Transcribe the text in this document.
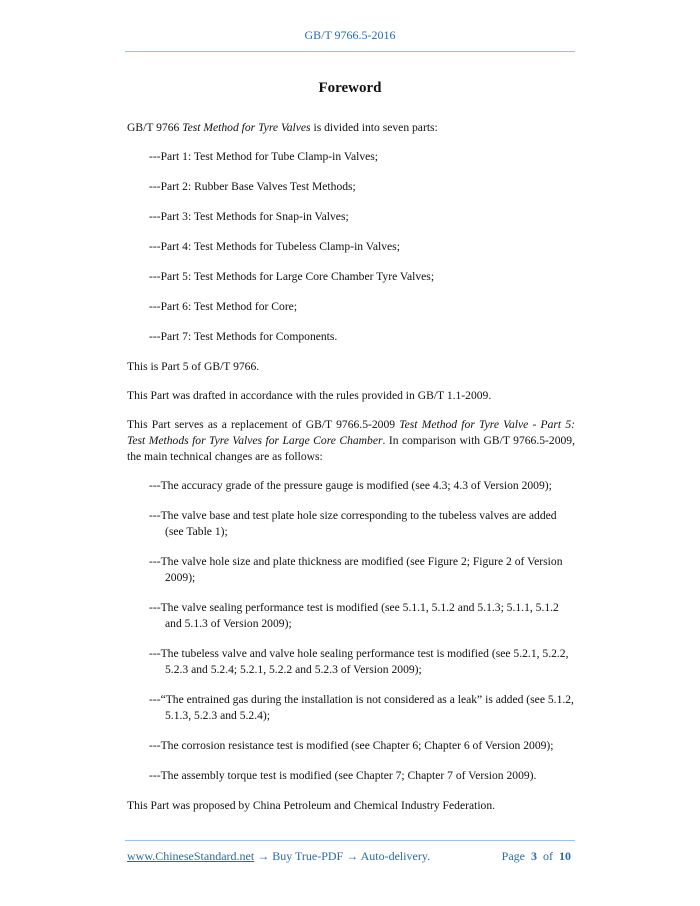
GB/T 9766.5-2016
Foreword

GB/T 9766 Test Method for Tyre Valves is divided into seven parts:

---Part 1: Test Method for Tube Clamp-in Valves;
---Part 2: Rubber Base Valves Test Methods;
---Part 3: Test Methods for Snap-in Valves;
---Part 4: Test Methods for Tubeless Clamp-in Valves;
---Part 5: Test Methods for Large Core Chamber Tyre Valves;
---Part 6: Test Method for Core;
---Part 7: Test Methods for Components.

This is Part 5 of GB/T 9766.

This Part was drafted in accordance with the rules provided in GB/T 1.1-2009.

This Part serves as a replacement of GB/T 9766.5-2009 Test Method for Tyre Valve - Part 5: Test Methods for Tyre Valves for Large Core Chamber. In comparison with GB/T 9766.5-2009, the main technical changes are as follows:

---The accuracy grade of the pressure gauge is modified (see 4.3; 4.3 of Version 2009);
---The valve base and test plate hole size corresponding to the tubeless valves are added (see Table 1);
---The valve hole size and plate thickness are modified (see Figure 2; Figure 2 of Version 2009);
---The valve sealing performance test is modified (see 5.1.1, 5.1.2 and 5.1.3; 5.1.1, 5.1.2 and 5.1.3 of Version 2009);
---The tubeless valve and valve hole sealing performance test is modified (see 5.2.1, 5.2.2, 5.2.3 and 5.2.4; 5.2.1, 5.2.2 and 5.2.3 of Version 2009);
---“The entrained gas during the installation is not considered as a leak” is added (see 5.1.2, 5.1.3, 5.2.3 and 5.2.4);
---The corrosion resistance test is modified (see Chapter 6; Chapter 6 of Version 2009);
---The assembly torque test is modified (see Chapter 7; Chapter 7 of Version 2009).

This Part was proposed by China Petroleum and Chemical Industry Federation.

www.ChineseStandard.net → Buy True-PDF → Auto-delivery.	Page 3 of 10
